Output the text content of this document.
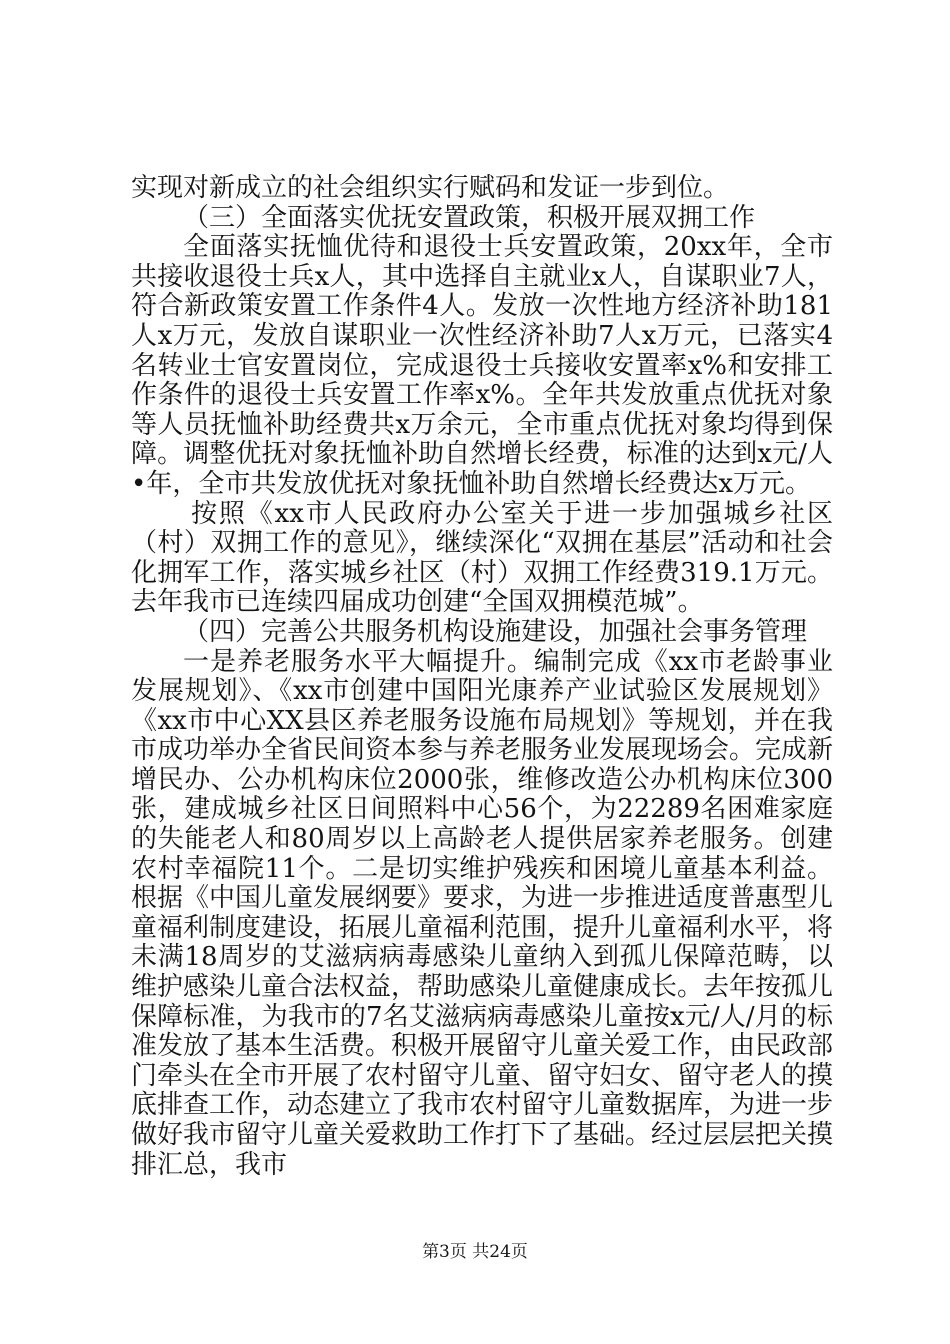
实现对新成立的社会组织实行赋码和发证一步到位。

（三）全面落实优抚安置政策，积极开展双拥工作

全面落实抚恤优待和退役士兵安置政策，20xx年，全市共接收退役士兵x人，其中选择自主就业x人，自谋职业7人，符合新政策安置工作条件4人。发放一次性地方经济补助181人x万元，发放自谋职业一次性经济补助7人x万元，已落实4名转业士官安置岗位，完成退役士兵接收安置率x%和安排工作条件的退役士兵安置工作率x%。全年共发放重点优抚对象等人员抚恤补助经费共x万余元，全市重点优抚对象均得到保障。调整优抚对象抚恤补助自然增长经费，标准的达到x元/人•年，全市共发放优抚对象抚恤补助自然增长经费达x万元。

按照《xx市人民政府办公室关于进一步加强城乡社区（村）双拥工作的意见》，继续深化“双拥在基层”活动和社会化拥军工作，落实城乡社区（村）双拥工作经费319.1万元。去年我市已连续四届成功创建“全国双拥模范城”。

（四）完善公共服务机构设施建设，加强社会事务管理

一是养老服务水平大幅提升。编制完成《xx市老龄事业发展规划》、《xx市创建中国阳光康养产业试验区发展规划》《xx市中心XX县区养老服务设施布局规划》等规划，并在我市成功举办全省民间资本参与养老服务业发展现场会。完成新增民办、公办机构床位2000张，维修改造公办机构床位300张，建成城乡社区日间照料中心56个，为22289名困难家庭的失能老人和80周岁以上高龄老人提供居家养老服务。创建农村幸福院11个。二是切实维护残疾和困境儿童基本利益。根据《中国儿童发展纲要》要求，为进一步推进适度普惠型儿童福利制度建设，拓展儿童福利范围，提升儿童福利水平，将未满18周岁的艾滋病病毒感染儿童纳入到孤儿保障范畴，以维护感染儿童合法权益，帮助感染儿童健康成长。去年按孤儿保障标准，为我市的7名艾滋病病毒感染儿童按x元/人/月的标准发放了基本生活费。积极开展留守儿童关爱工作，由民政部门牵头在全市开展了农村留守儿童、留守妇女、留守老人的摸底排查工作，动态建立了我市农村留守儿童数据库，为进一步做好我市留守儿童关爱救助工作打下了基础。经过层层把关摸排汇总，我市

第3页 共24页
